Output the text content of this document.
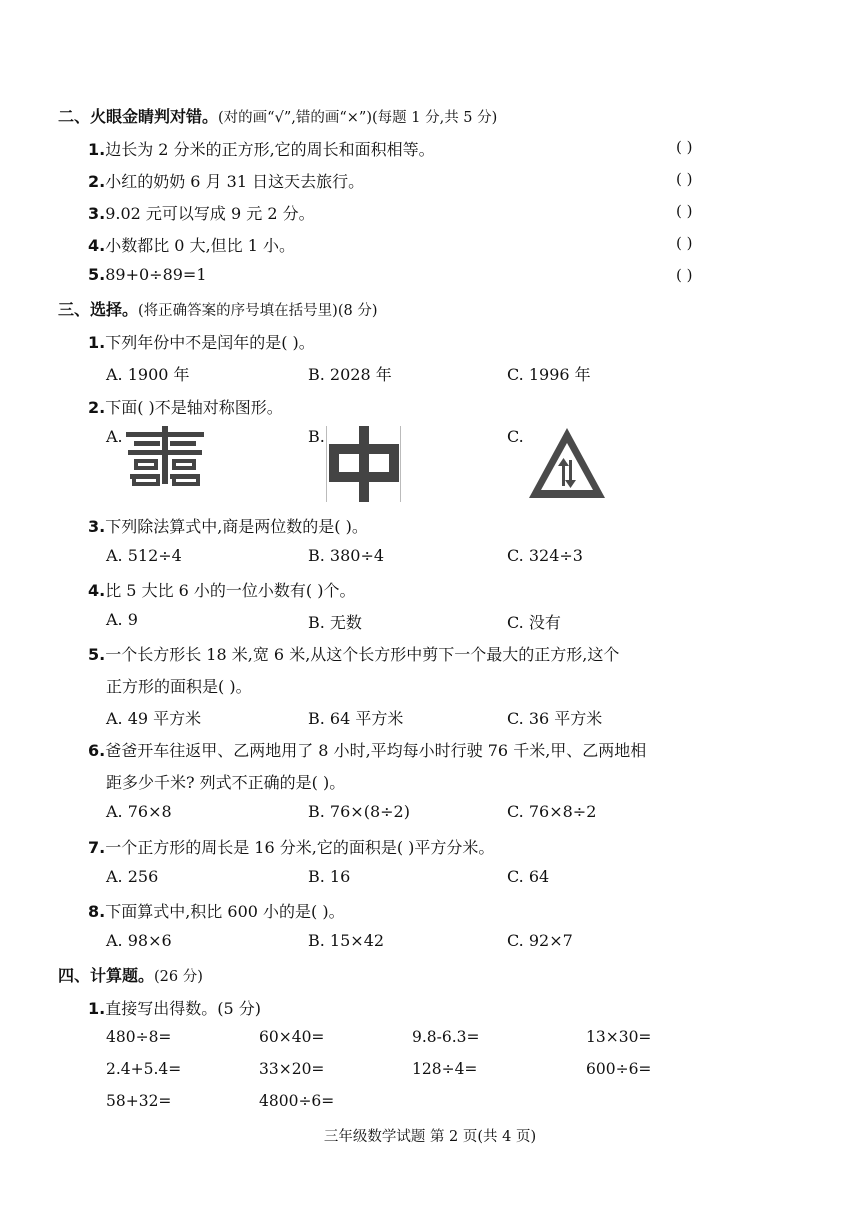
二、火眼金睛判对错。(对的画“√”,错的画“×”)(每题 1 分,共 5 分)
1.边长为 2 分米的正方形,它的周长和面积相等。	( )
2.小红的奶奶 6 月 31 日这天去旅行。	( )
3.9.02 元可以写成 9 元 2 分。	( )
4.小数都比 0 大,但比 1 小。	( )
5.89+0÷89=1	( )
三、选择。(将正确答案的序号填在括号里)(8 分)
1.下列年份中不是闰年的是( )。
A. 1900 年	B. 2028 年	C. 1996 年
2.下面( )不是轴对称图形。
A.	B.	C.
3.下列除法算式中,商是两位数的是( )。
A. 512÷4	B. 380÷4	C. 324÷3
4.比 5 大比 6 小的一位小数有( )个。
A. 9	B. 无数	C. 没有
5.一个长方形长 18 米,宽 6 米,从这个长方形中剪下一个最大的正方形,这个
正方形的面积是( )。
A. 49 平方米	B. 64 平方米	C. 36 平方米
6.爸爸开车往返甲、乙两地用了 8 小时,平均每小时行驶 76 千米,甲、乙两地相
距多少千米? 列式不正确的是( )。
A. 76×8	B. 76×(8÷2)	C. 76×8÷2
7.一个正方形的周长是 16 分米,它的面积是( )平方分米。
A. 256	B. 16	C. 64
8.下面算式中,积比 600 小的是( )。
A. 98×6	B. 15×42	C. 92×7
四、计算题。(26 分)
1.直接写出得数。(5 分)
480÷8=	60×40=	9.8-6.3=	13×30=
2.4+5.4=	33×20=	128÷4=	600÷6=
58+32=	4800÷6=
三年级数学试题 第 2 页(共 4 页)
